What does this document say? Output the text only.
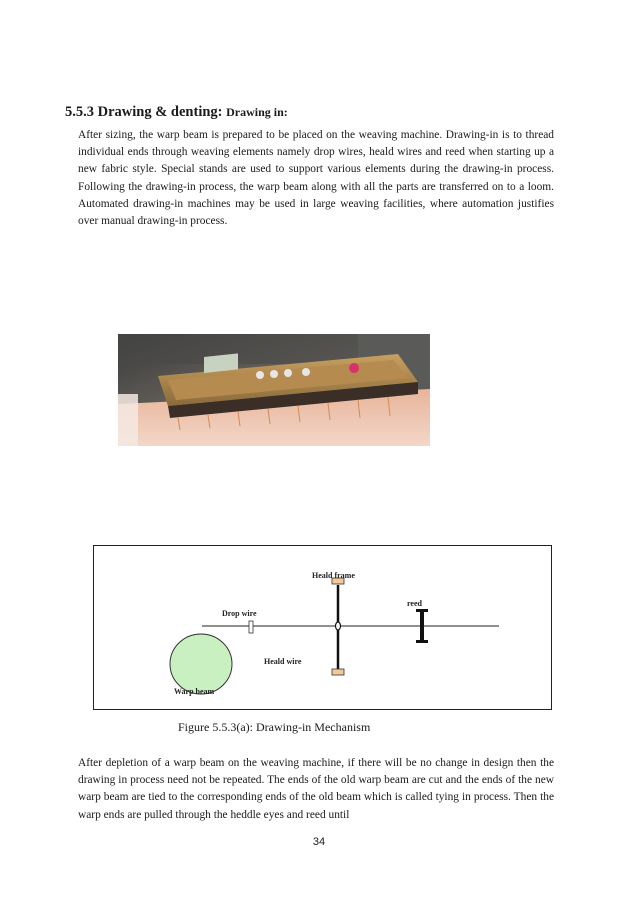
5.5.3 Drawing & denting: Drawing in:

After sizing, the warp beam is prepared to be placed on the weaving machine. Drawing-in is to thread individual ends through weaving elements namely drop wires, heald wires and reed when starting up a new fabric style. Special stands are used to support various elements during the drawing-in process. Following the drawing-in process, the warp beam along with all the parts are transferred on to a loom. Automated drawing-in machines may be used in large weaving facilities, where automation justifies over manual drawing-in process.

Heald frame
reed
Drop wire
Heald wire
Warp beam
Figure 5.5.3(a): Drawing-in Mechanism

After depletion of a warp beam on the weaving machine, if there will be no change in design then the drawing in process need not be repeated. The ends of the old warp beam are cut and the ends of the new warp beam are tied to the corresponding ends of the old beam which is called tying in process. Then the warp ends are pulled through the heddle eyes and reed until

34
